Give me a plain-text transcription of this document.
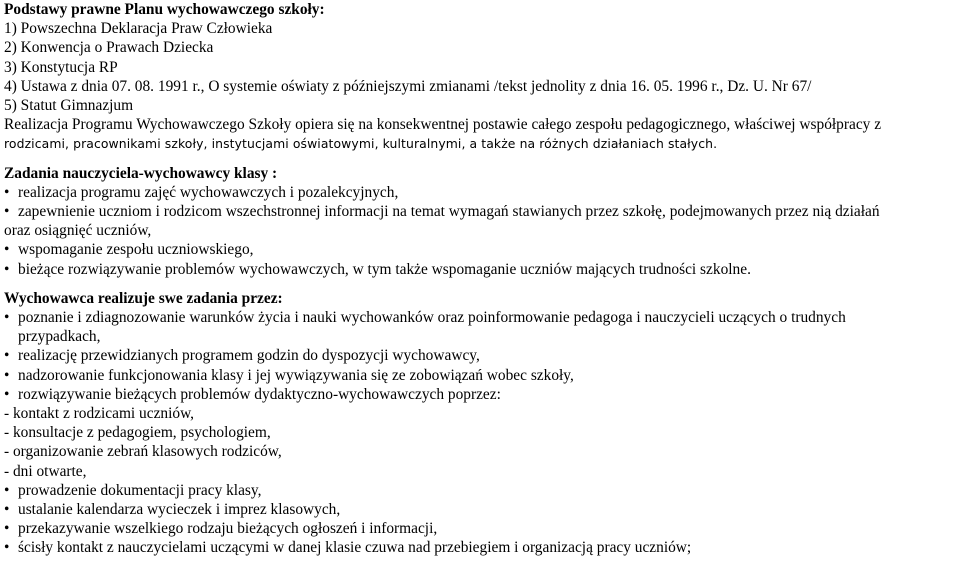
Podstawy prawne Planu wychowawczego szkoły:
1) Powszechna Deklaracja Praw Człowieka
2) Konwencja o Prawach Dziecka
3) Konstytucja RP
4) Ustawa z dnia 07. 08. 1991 r., O systemie oświaty z późniejszymi zmianami /tekst jednolity z dnia 16. 05. 1996 r., Dz. U. Nr 67/
5) Statut Gimnazjum
Realizacja Programu Wychowawczego Szkoły opiera się na konsekwentnej postawie całego zespołu pedagogicznego, właściwej współpracy z
rodzicami, pracownikami szkoły, instytucjami oświatowymi, kulturalnymi, a także na różnych działaniach stałych.
Zadania nauczyciela-wychowawcy klasy :
• realizacja programu zajęć wychowawczych i pozalekcyjnych,
• zapewnienie uczniom i rodzicom wszechstronnej informacji na temat wymagań stawianych przez szkołę, podejmowanych przez nią działań
oraz osiągnięć uczniów,
• wspomaganie zespołu uczniowskiego,
• bieżące rozwiązywanie problemów wychowawczych, w tym także wspomaganie uczniów mających trudności szkolne.
Wychowawca realizuje swe zadania przez:
• poznanie i zdiagnozowanie warunków życia i nauki wychowanków oraz poinformowanie pedagoga i nauczycieli uczących o trudnych
przypadkach,
• realizację przewidzianych programem godzin do dyspozycji wychowawcy,
• nadzorowanie funkcjonowania klasy i jej wywiązywania się ze zobowiązań wobec szkoły,
• rozwiązywanie bieżących problemów dydaktyczno-wychowawczych poprzez:
- kontakt z rodzicami uczniów,
- konsultacje z pedagogiem, psychologiem,
- organizowanie zebrań klasowych rodziców,
- dni otwarte,
• prowadzenie dokumentacji pracy klasy,
• ustalanie kalendarza wycieczek i imprez klasowych,
• przekazywanie wszelkiego rodzaju bieżących ogłoszeń i informacji,
• ścisły kontakt z nauczycielami uczącymi w danej klasie czuwa nad przebiegiem i organizacją pracy uczniów;
